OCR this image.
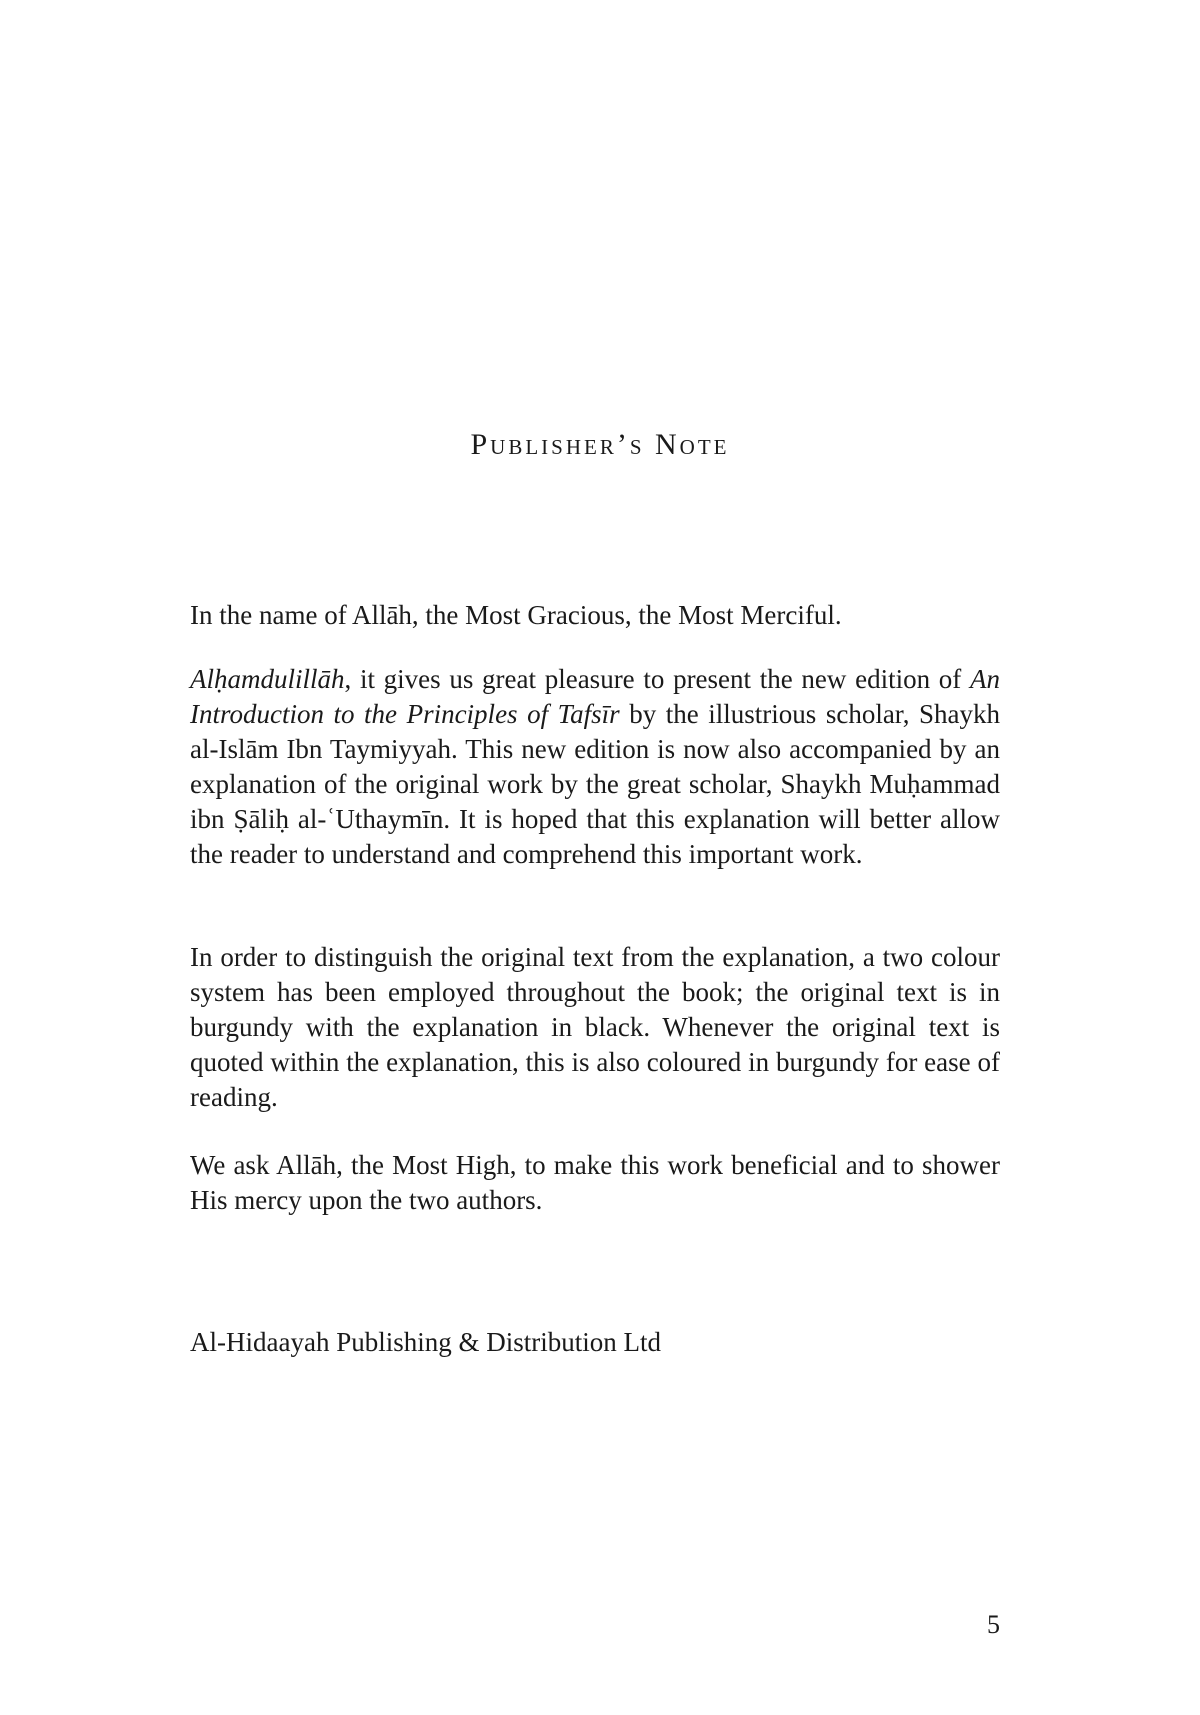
Publisher’s Note

In the name of Allāh, the Most Gracious, the Most Merciful.

Alḥamdulillāh, it gives us great pleasure to present the new edition of An Introduction to the Principles of Tafsīr by the illustrious scholar, Shaykh al-Islām Ibn Taymiyyah. This new edition is now also accompanied by an explanation of the original work by the great scholar, Shaykh Muḥammad ibn Ṣāliḥ al-ʿUthaymīn. It is hoped that this explanation will better allow the reader to understand and comprehend this important work.

In order to distinguish the original text from the explanation, a two colour system has been employed throughout the book; the original text is in burgundy with the explanation in black. Whenever the original text is quoted within the explanation, this is also coloured in burgundy for ease of reading.

We ask Allāh, the Most High, to make this work beneficial and to shower His mercy upon the two authors.

Al-Hidaayah Publishing & Distribution Ltd

5
